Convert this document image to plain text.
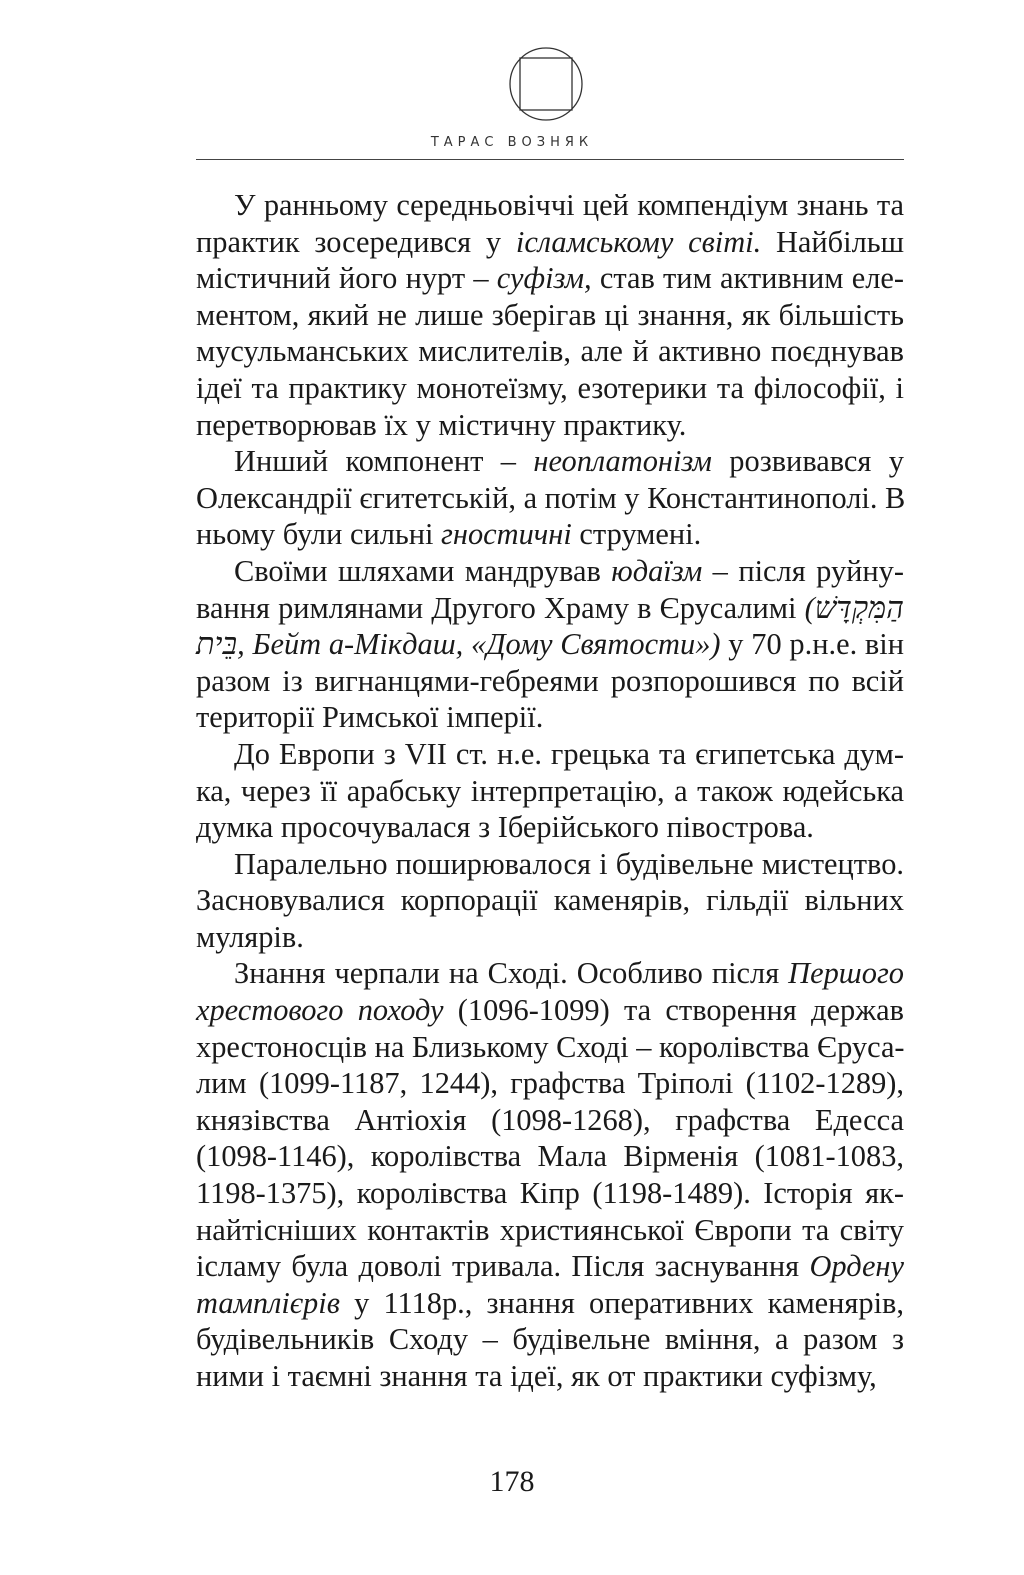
ТАРАС ВОЗНЯК
У ранньому середньовіччі цей компендіум знань та
практик зосередився у ісламському світі. Найбільш
містичний його нурт – суфізм, став тим активним еле-
ментом, який не лише зберігав ці знання, як більшість
мусульманських мислителів, але й активно поєднував
ідеї та практику монотеїзму, езотерики та філософії, і
перетворював їх у містичну практику.
Инший компонент – неоплатонізм розвивався у
Олександрії єгитетській, а потім у Константинополі. В
ньому були сильні гностичні струмені.
Своїми шляхами мандрував юдаїзм – після руйну-
вання римлянами Другого Храму в Єрусалимі (הַמִּקְדָּשׁ
בֵּית, Бейт а-Мікдаш, «Дому Святости») у 70 р.н.е. він
разом із вигнанцями-гебреями розпорошився по всій
території Римської імперії.
До Европи з VII ст. н.е. грецька та єгипетська дум-
ка, через її арабську інтерпретацію, а також юдейська
думка просочувалася з Іберійського півострова.
Паралельно поширювалося і будівельне мистецтво.
Засновувалися корпорації каменярів, гільдії вільних
мулярів.
Знання черпали на Сході. Особливо після Першого
хрестового походу (1096-1099) та створення держав
хрестоносців на Близькому Сході – королівства Єруса-
лим (1099-1187, 1244), графства Тріполі (1102-1289),
князівства Антіохія (1098-1268), графства Едесса
(1098-1146), королівства Мала Вірменія (1081-1083,
1198-1375), королівства Кіпр (1198-1489). Історія як-
найтісніших контактів християнської Європи та світу
ісламу була доволі тривала. Після заснування Ордену
тамплієрів у 1118р., знання оперативних каменярів,
будівельників Сходу – будівельне вміння, а разом з
ними і таємні знання та ідеї, як от практики суфізму,
178
